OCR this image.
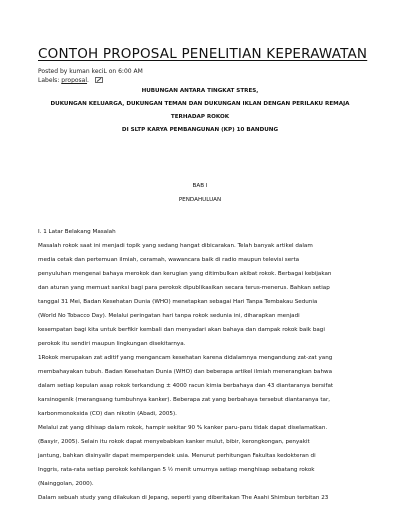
CONTOH PROPOSAL PENELITIAN KEPERAWATAN
Posted by kuman keciL on 6:00 AM
Labels: proposal.
HUBUNGAN ANTARA TINGKAT STRES,
DUKUNGAN KELUARGA, DUKUNGAN TEMAN DAN DUKUNGAN IKLAN DENGAN PERILAKU REMAJA
TERHADAP ROKOK
DI SLTP KARYA PEMBANGUNAN (KP) 10 BANDUNG
BAB I
PENDAHULUAN
I. 1 Latar Belakang Masalah
Masalah rokok saat ini menjadi topik yang sedang hangat dibicarakan. Telah banyak artikel dalam
media cetak dan pertemuan ilmiah, ceramah, wawancara baik di radio maupun televisi serta
penyuluhan mengenai bahaya merokok dan kerugian yang ditimbulkan akibat rokok. Berbagai kebijakan
dan aturan yang memuat sanksi bagi para perokok dipublikasikan secara terus-menerus. Bahkan setiap
tanggal 31 Mei, Badan Kesehatan Dunia (WHO) menetapkan sebagai Hari Tanpa Tembakau Sedunia
(World No Tobacco Day). Melalui peringatan hari tanpa rokok sedunia ini, diharapkan menjadi
kesempatan bagi kita untuk berfikir kembali dan menyadari akan bahaya dan dampak rokok baik bagi
perokok itu sendiri maupun lingkungan disekitarnya.
1Rokok merupakan zat aditif yang mengancam kesehatan karena didalamnya mengandung zat-zat yang
membahayakan tubuh. Badan Kesehatan Dunia (WHO) dan beberapa artikel ilmiah menerangkan bahwa
dalam setiap kepulan asap rokok terkandung ± 4000 racun kimia berbahaya dan 43 diantaranya bersifat
karsinogenik (merangsang tumbuhnya kanker). Beberapa zat yang berbahaya tersebut diantaranya tar,
karbonmonoksida (CO) dan nikotin (Abadi, 2005).
Melalui zat yang dihisap dalam rokok, hampir sekitar 90 % kanker paru-paru tidak dapat diselamatkan.
(Basyir, 2005). Selain itu rokok dapat menyebabkan kanker mulut, bibir, kerongkongan, penyakit
jantung, bahkan disinyalir dapat memperpendek usia. Menurut perhitungan Fakultas kedokteran di
Inggris, rata-rata setiap perokok kehilangan 5 ½ menit umurnya setiap menghisap sebatang rokok
(Nainggolan, 2000).
Dalam sebuah study yang dilakukan di Jepang, seperti yang diberitakan The Asahi Shimbun terbitan 23
